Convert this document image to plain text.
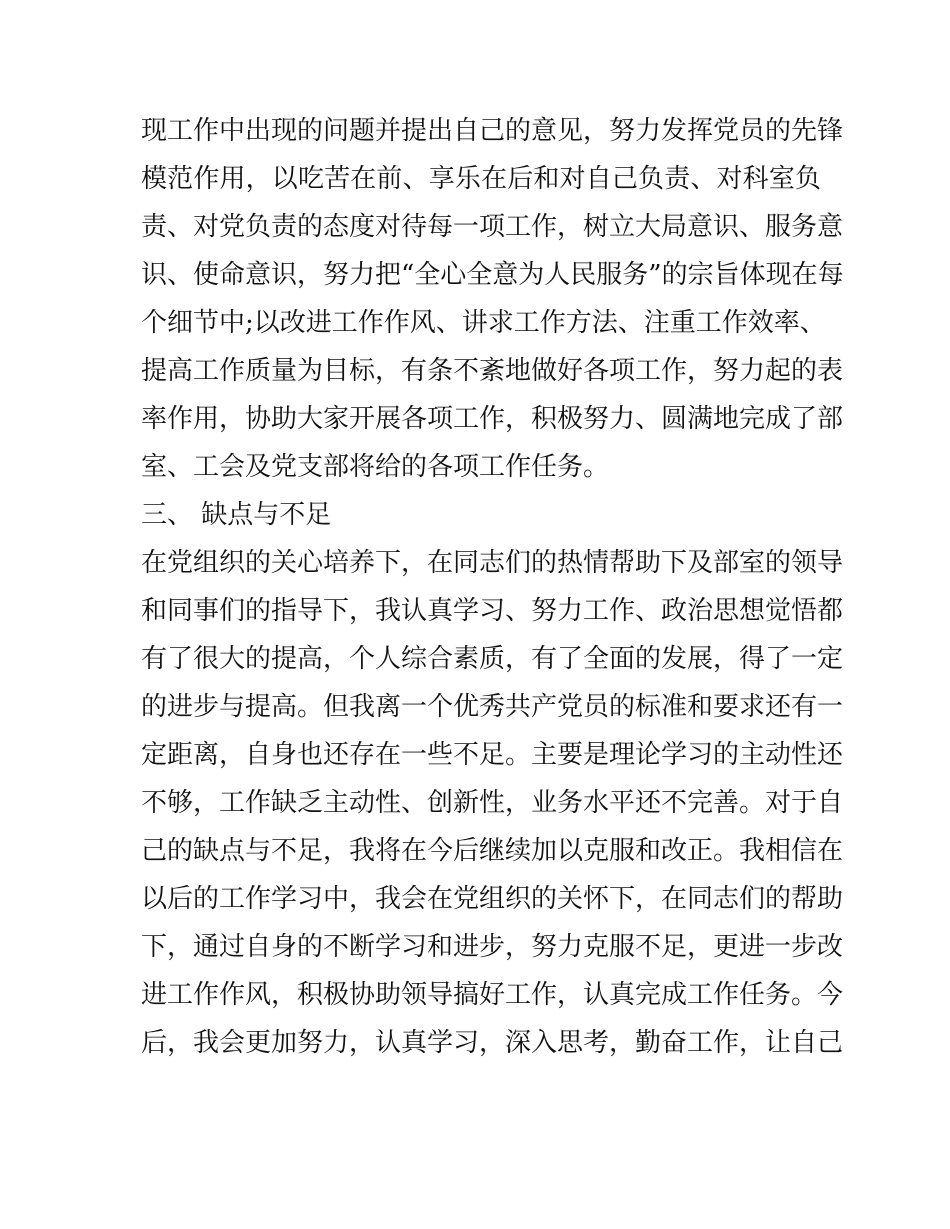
现工作中出现的问题并提出自己的意见，努力发挥党员的先锋
模范作用，以吃苦在前、享乐在后和对自己负责、对科室负
责、对党负责的态度对待每一项工作，树立大局意识、服务意
识、使命意识，努力把“全心全意为人民服务”的宗旨体现在每
个细节中;以改进工作作风、讲求工作方法、注重工作效率、
提高工作质量为目标，有条不紊地做好各项工作，努力起的表
率作用，协助大家开展各项工作，积极努力、圆满地完成了部
室、工会及党支部将给的各项工作任务。
三、 缺点与不足
在党组织的关心培养下，在同志们的热情帮助下及部室的领导
和同事们的指导下，我认真学习、努力工作、政治思想觉悟都
有了很大的提高，个人综合素质，有了全面的发展，得了一定
的进步与提高。但我离一个优秀共产党员的标准和要求还有一
定距离，自身也还存在一些不足。主要是理论学习的主动性还
不够，工作缺乏主动性、创新性，业务水平还不完善。对于自
己的缺点与不足，我将在今后继续加以克服和改正。我相信在
以后的工作学习中，我会在党组织的关怀下，在同志们的帮助
下，通过自身的不断学习和进步，努力克服不足，更进一步改
进工作作风，积极协助领导搞好工作，认真完成工作任务。今
后，我会更加努力，认真学习，深入思考，勤奋工作，让自己
